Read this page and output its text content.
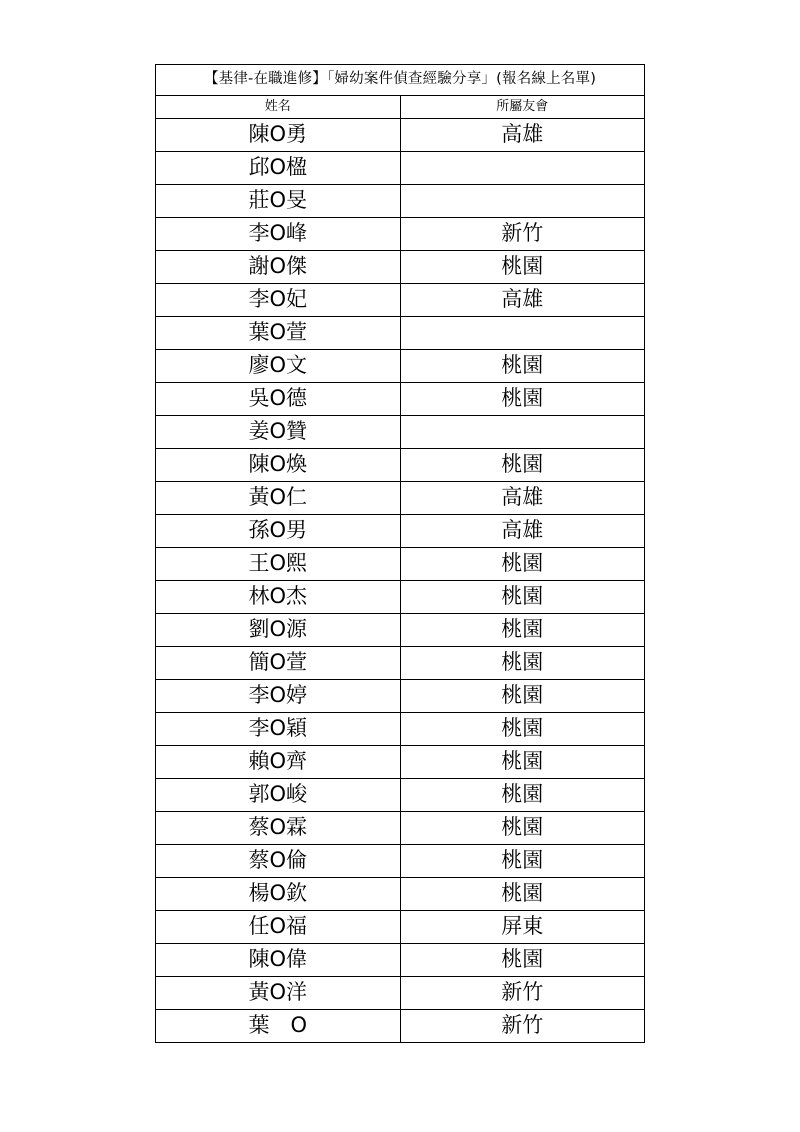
【基律-在職進修】「婦幼案件偵查經驗分享」(報名線上名單)	
姓名	所屬友會
陳O勇	高雄
邱O楹	
莊O旻	
李O峰	新竹
謝O傑	桃園
李O妃	高雄
葉O萱	
廖O文	桃園
吳O德	桃園
姜O贊	
陳O煥	桃園
黃O仁	高雄
孫O男	高雄
王O熙	桃園
林O杰	桃園
劉O源	桃園
簡O萱	桃園
李O婷	桃園
李O穎	桃園
賴O齊	桃園
郭O峻	桃園
蔡O霖	桃園
蔡O倫	桃園
楊O欽	桃園
任O福	屏東
陳O偉	桃園
黃O洋	新竹
葉　O	新竹
